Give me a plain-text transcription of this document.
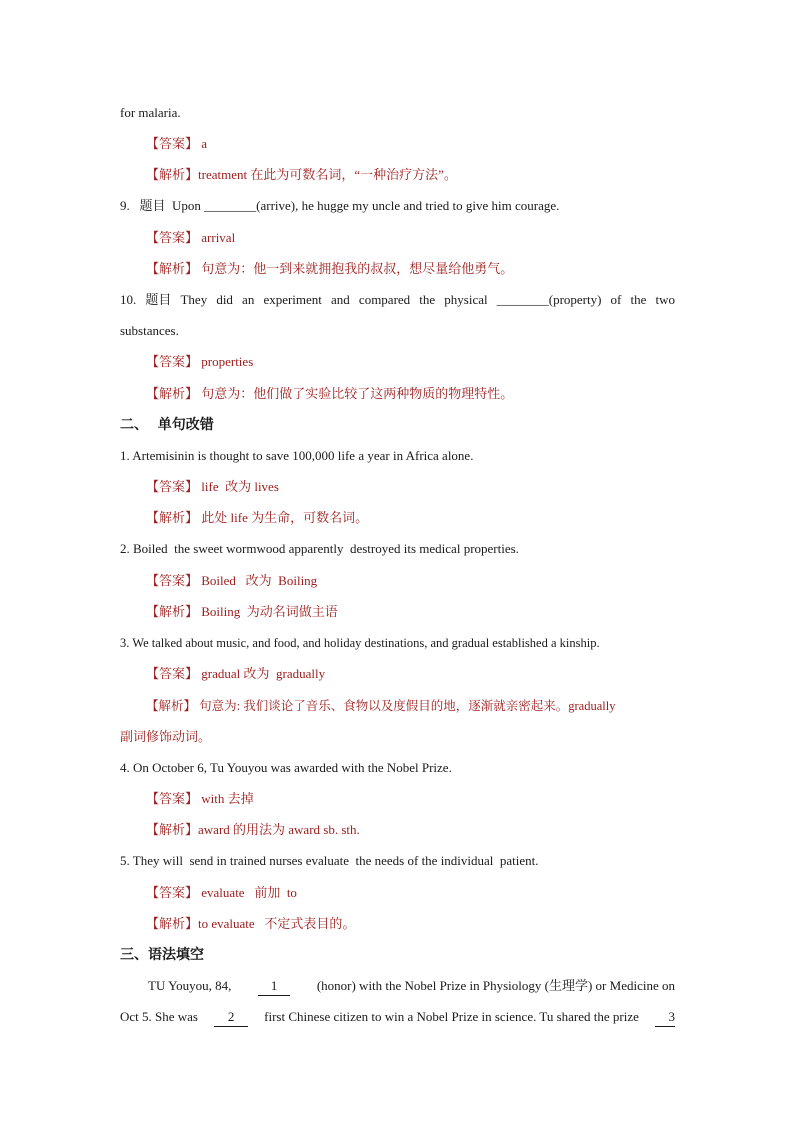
for malaria.
【答案】 a
【解析】treatment 在此为可数名词，“一种治疗方法”。
9.   题目  Upon ________(arrive), he hugge my uncle and tried to give him courage.
【答案】 arrival
【解析】 句意为：他一到来就拥抱我的叔叔，想尽量给他勇气。
10. 题目 They did an experiment and compared the physical ________(property) of the two
substances.
【答案】 properties
【解析】 句意为：他们做了实验比较了这两种物质的物理特性。
二、  单句改错
1. Artemisinin is thought to save 100,000 life a year in Africa alone.
【答案】 life  改为 lives
【解析】 此处 life 为生命，可数名词。
2. Boiled  the sweet wormwood apparently  destroyed its medical properties.
【答案】 Boiled   改为  Boiling
【解析】 Boiling  为动名词做主语
3. We talked about music, and food, and holiday destinations, and gradual established a kinship.
【答案】 gradual 改为  gradually
【解析】 句意为: 我们谈论了音乐、食物以及度假目的地，逐渐就亲密起来。gradually
副词修饰动词。
4. On October 6, Tu Youyou was awarded with the Nobel Prize.
【答案】 with 去掉
【解析】award 的用法为 award sb. sth.
5. They will  send in trained nurses evaluate  the needs of the individual  patient.
【答案】 evaluate   前加  to
【解析】to evaluate   不定式表目的。
三、语法填空
TU Youyou, 84,	1	(honor) with the Nobel Prize in Physiology (生理学) or Medicine on
Oct 5. She was	2	first Chinese citizen to win a Nobel Prize in science. Tu shared the prize	3
